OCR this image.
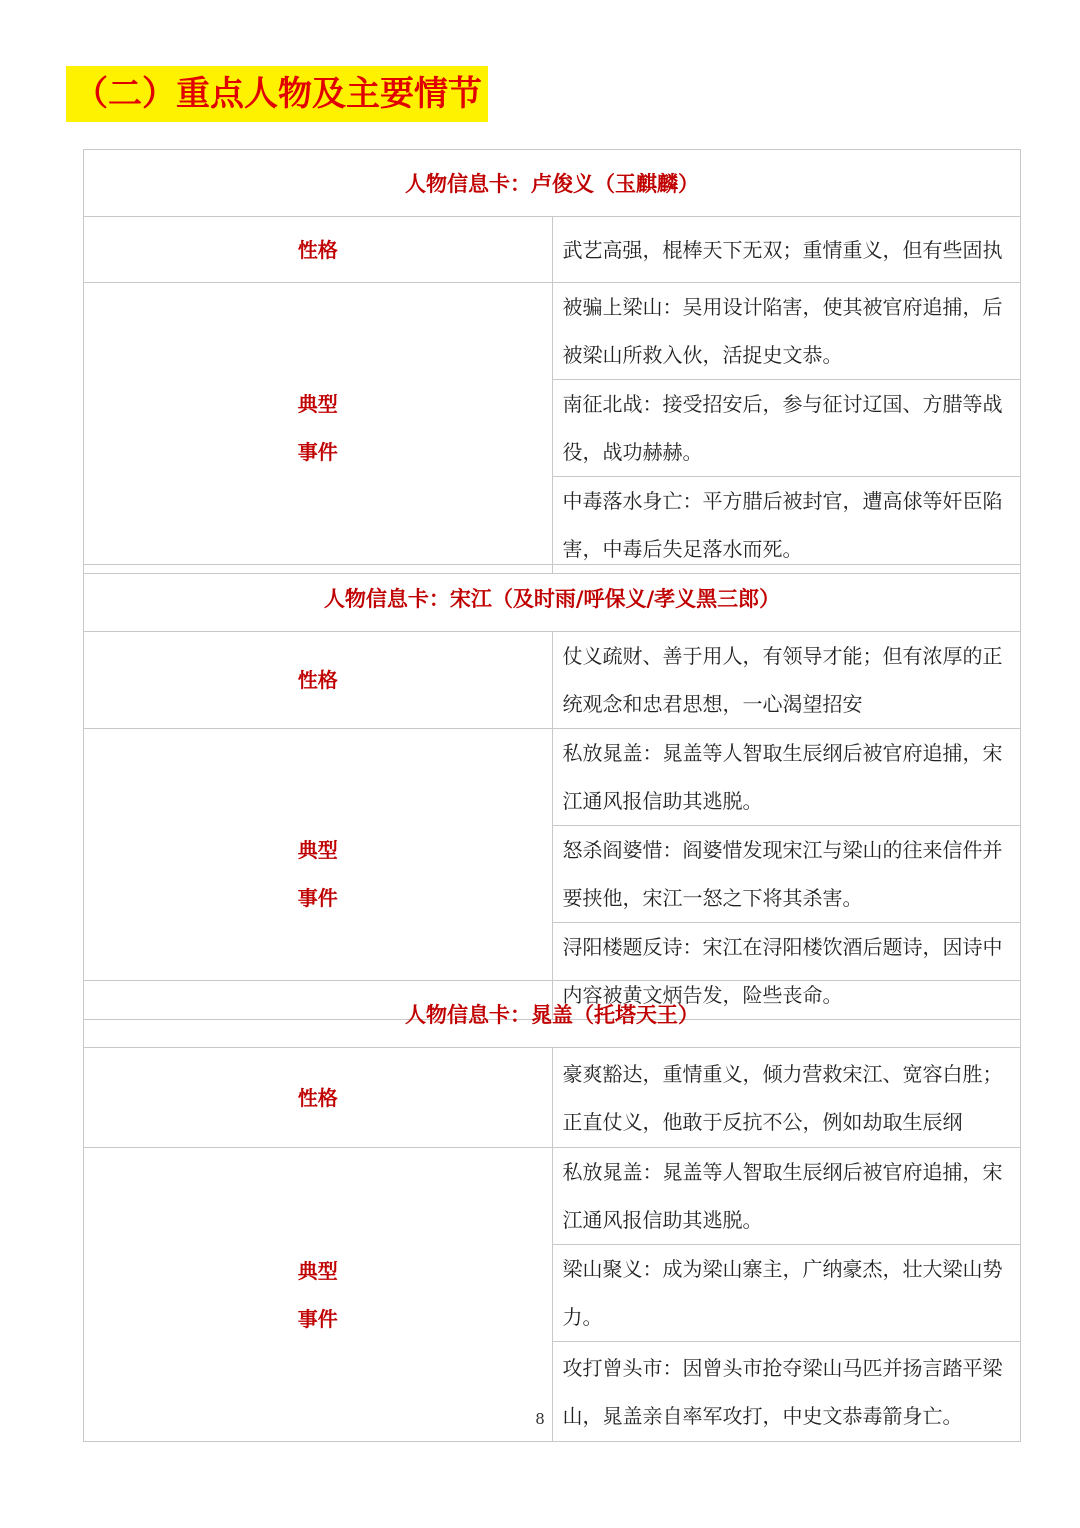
（二）重点人物及主要情节
人物信息卡：卢俊义（玉麒麟）	
性格	武艺高强，棍棒天下无双；重情重义，但有些固执

典型
事件	被骗上梁山：吴用设计陷害，使其被官府追捕，后被梁山所救入伙，活捉史文恭。
	南征北战：接受招安后，参与征讨辽国、方腊等战役，战功赫赫。
	中毒落水身亡：平方腊后被封官，遭高俅等奸臣陷害，中毒后失足落水而死。
人物信息卡：宋江（及时雨/呼保义/孝义黑三郎）	
性格	仗义疏财、善于用人，有领导才能；但有浓厚的正统观念和忠君思想，一心渴望招安

典型
事件	私放晁盖：晁盖等人智取生辰纲后被官府追捕，宋江通风报信助其逃脱。
	怒杀阎婆惜：阎婆惜发现宋江与梁山的往来信件并要挟他，宋江一怒之下将其杀害。
	浔阳楼题反诗：宋江在浔阳楼饮酒后题诗，因诗中内容被黄文炳告发，险些丧命。
人物信息卡：晁盖（托塔天王）	
性格	豪爽豁达，重情重义，倾力营救宋江、宽容白胜；正直仗义，他敢于反抗不公，例如劫取生辰纲

典型
事件	私放晁盖：晁盖等人智取生辰纲后被官府追捕，宋江通风报信助其逃脱。
	梁山聚义：成为梁山寨主，广纳豪杰，壮大梁山势力。
	攻打曾头市：因曾头市抢夺梁山马匹并扬言踏平梁山，晁盖亲自率军攻打，中史文恭毒箭身亡。
8
